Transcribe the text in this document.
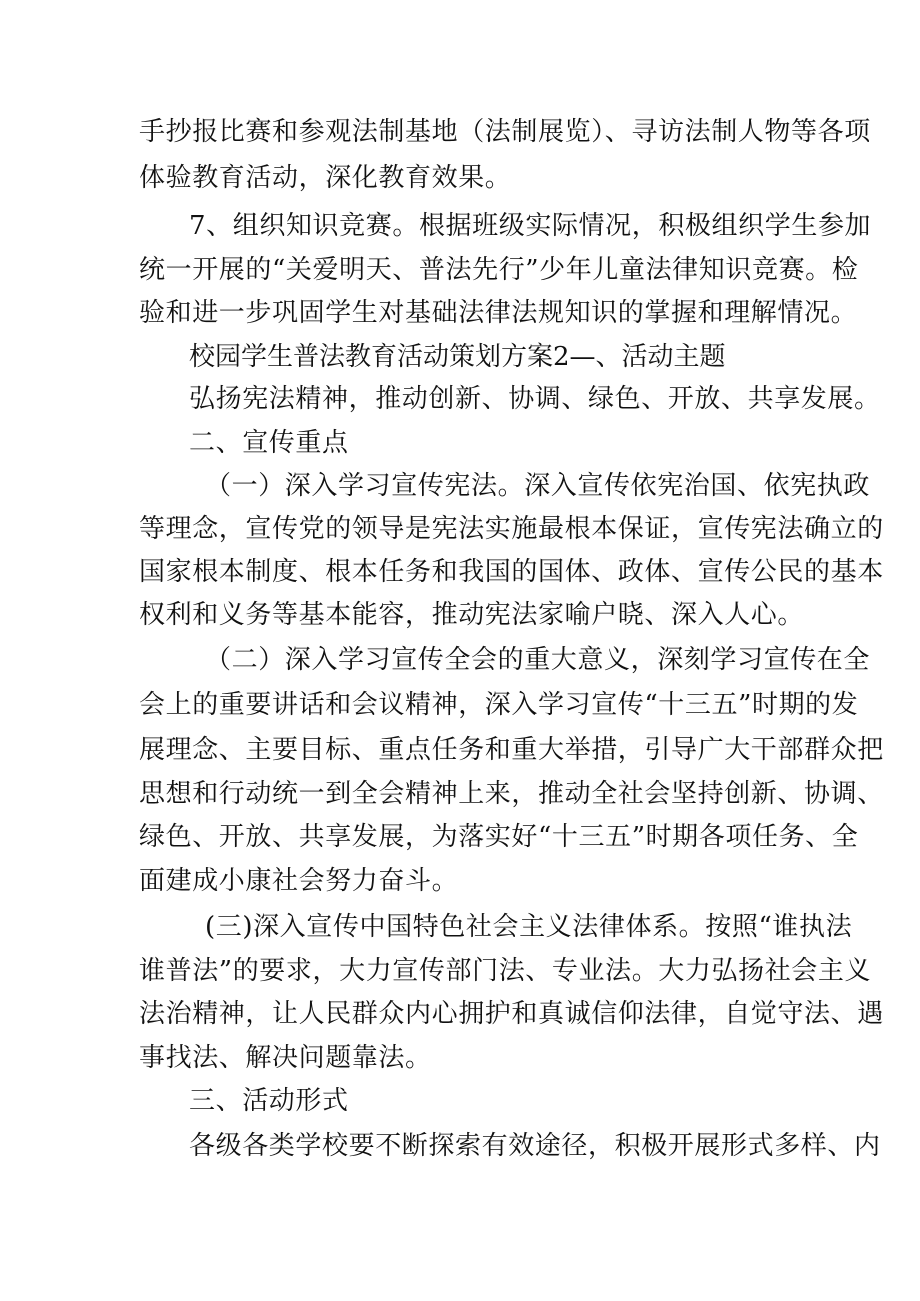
手抄报比赛和参观法制基地（法制展览）、寻访法制人物等各项
体验教育活动，深化教育效果。
7、组织知识竞赛。根据班级实际情况，积极组织学生参加
统一开展的“关爱明天、普法先行”少年儿童法律知识竞赛。检
验和进一步巩固学生对基础法律法规知识的掌握和理解情况。
校园学生普法教育活动策划方案2—、活动主题
弘扬宪法精神，推动创新、协调、绿色、开放、共享发展。
二、宣传重点
（一）深入学习宣传宪法。深入宣传依宪治国、依宪执政
等理念，宣传党的领导是宪法实施最根本保证，宣传宪法确立的
国家根本制度、根本任务和我国的国体、政体、宣传公民的基本
权利和义务等基本能容，推动宪法家喻户晓、深入人心。
（二）深入学习宣传全会的重大意义，深刻学习宣传在全
会上的重要讲话和会议精神，深入学习宣传“十三五”时期的发
展理念、主要目标、重点任务和重大举措，引导广大干部群众把
思想和行动统一到全会精神上来，推动全社会坚持创新、协调、
绿色、开放、共享发展，为落实好“十三五”时期各项任务、全
面建成小康社会努力奋斗。
(三)深入宣传中国特色社会主义法律体系。按照“谁执法
谁普法”的要求，大力宣传部门法、专业法。大力弘扬社会主义
法治精神，让人民群众内心拥护和真诚信仰法律，自觉守法、遇
事找法、解决问题靠法。
三、活动形式
各级各类学校要不断探索有效途径，积极开展形式多样、内
